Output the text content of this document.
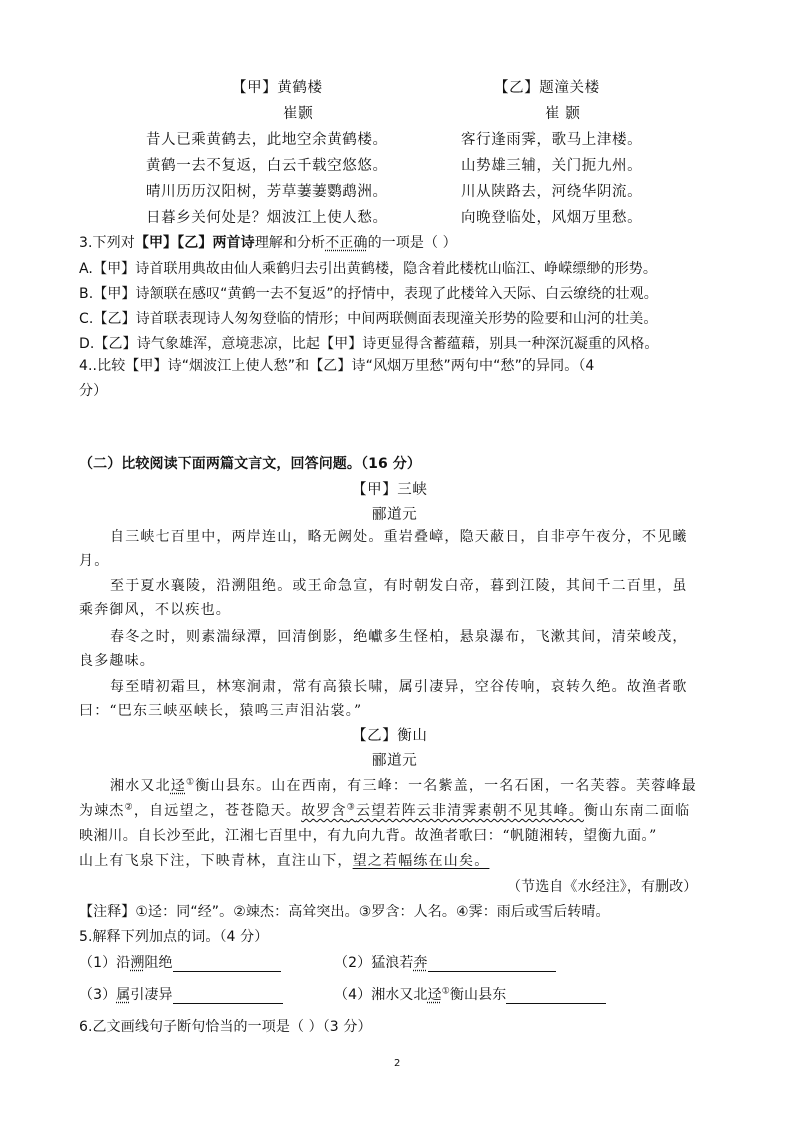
【甲】黄鹤楼
崔颢
昔人已乘黄鹤去，此地空余黄鹤楼。
黄鹤一去不复返，白云千载空悠悠。
晴川历历汉阳树，芳草萋萋鹦鹉洲。
日暮乡关何处是？烟波江上使人愁。
【乙】题潼关楼
崔 颢
客行逢雨霁，歌马上津楼。
山势雄三辅，关门扼九州。
川从陕路去，河绕华阴流。
向晚登临处，风烟万里愁。
3.下列对【甲】【乙】两首诗理解和分析不正确的一项是（ ）
A.【甲】诗首联用典故由仙人乘鹤归去引出黄鹤楼，隐含着此楼枕山临江、峥嵘缥缈的形势。
B.【甲】诗颔联在感叹“黄鹤一去不复返”的抒情中，表现了此楼耸入天际、白云缭绕的壮观。
C.【乙】诗首联表现诗人匆匆登临的情形；中间两联侧面表现潼关形势的险要和山河的壮美。
D.【乙】诗气象雄浑，意境悲凉，比起【甲】诗更显得含蓄蕴藉，别具一种深沉凝重的风格。
4..比较【甲】诗“烟波江上使人愁”和【乙】诗“风烟万里愁”两句中“愁”的异同。（4
分）
（二）比较阅读下面两篇文言文，回答问题。（16 分）
【甲】三峡
郦道元
自三峡七百里中，两岸连山，略无阙处。重岩叠嶂，隐天蔽日，自非亭午夜分，不见曦
月。
至于夏水襄陵，沿溯阻绝。或王命急宣，有时朝发白帝，暮到江陵，其间千二百里，虽
乘奔御风，不以疾也。
春冬之时，则素湍绿潭，回清倒影，绝巘多生怪柏，悬泉瀑布，飞漱其间，清荣峻茂，
良多趣味。
每至晴初霜旦，林寒涧肃，常有高猿长啸，属引凄异，空谷传响，哀转久绝。故渔者歌
曰：“巴东三峡巫峡长，猿鸣三声泪沾裳。”
【乙】衡山
郦道元
湘水又北迳①衡山县东。山在西南，有三峰：一名紫盖，一名石囷，一名芙蓉。芙蓉峰最
为竦杰②，自远望之，苍苍隐天。故罗含③云望若阵云非清霁素朝不见其峰。衡山东南二面临
映湘川。自长沙至此，江湘七百里中，有九向九背。故渔者歌曰：“帆随湘转，望衡九面。”
山上有飞泉下注，下映青林，直注山下，望之若幅练在山矣。
（节选自《水经注》，有删改）
【注释】①迳：同“经”。②竦杰：高耸突出。③罗含：人名。④霁：雨后或雪后转晴。
5.解释下列加点的词。（4 分）
（1）沿溯阻绝	（2）猛浪若奔
（3）属引凄异	（4）湘水又北迳①衡山县东
6.乙文画线句子断句恰当的一项是（ ）（3 分）
2
